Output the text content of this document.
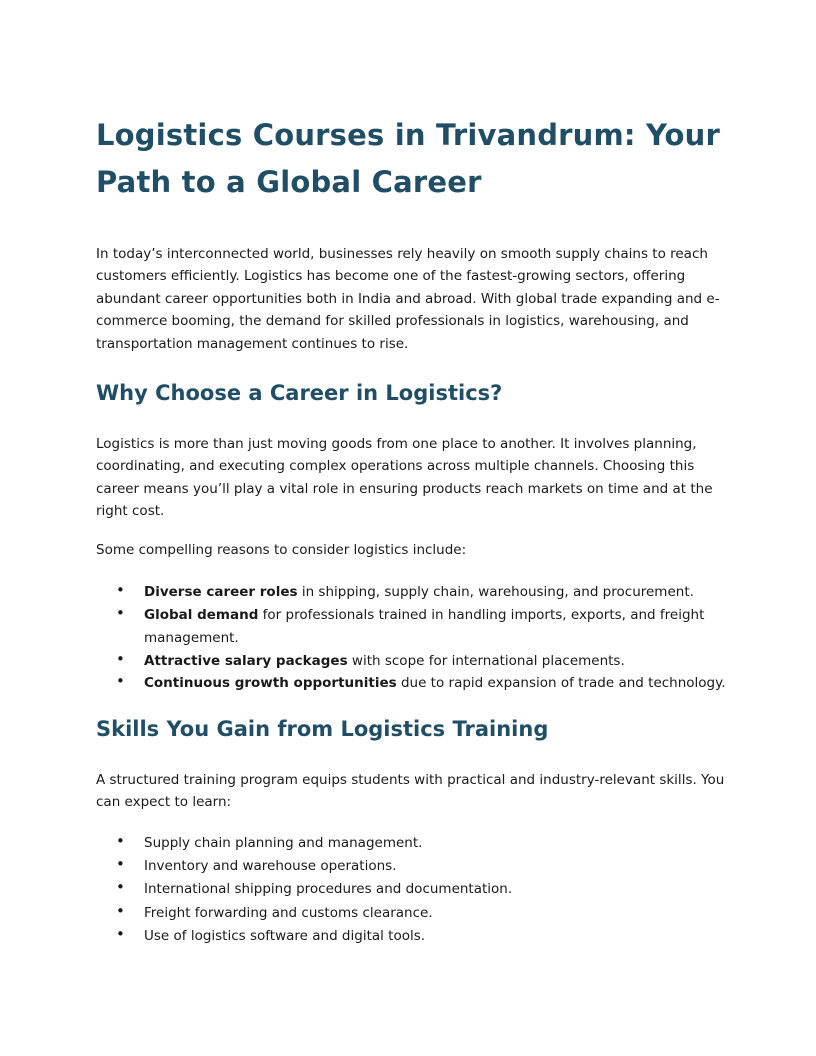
Logistics Courses in Trivandrum: Your Path to a Global Career

In today’s interconnected world, businesses rely heavily on smooth supply chains to reach customers efficiently. Logistics has become one of the fastest-growing sectors, offering abundant career opportunities both in India and abroad. With global trade expanding and e-commerce booming, the demand for skilled professionals in logistics, warehousing, and transportation management continues to rise.

Why Choose a Career in Logistics?

Logistics is more than just moving goods from one place to another. It involves planning, coordinating, and executing complex operations across multiple channels. Choosing this career means you’ll play a vital role in ensuring products reach markets on time and at the right cost.

Some compelling reasons to consider logistics include:

• Diverse career roles in shipping, supply chain, warehousing, and procurement.
• Global demand for professionals trained in handling imports, exports, and freight management.
• Attractive salary packages with scope for international placements.
• Continuous growth opportunities due to rapid expansion of trade and technology.
Skills You Gain from Logistics Training

A structured training program equips students with practical and industry-relevant skills. You can expect to learn:

• Supply chain planning and management.
• Inventory and warehouse operations.
• International shipping procedures and documentation.
• Freight forwarding and customs clearance.
• Use of logistics software and digital tools.
